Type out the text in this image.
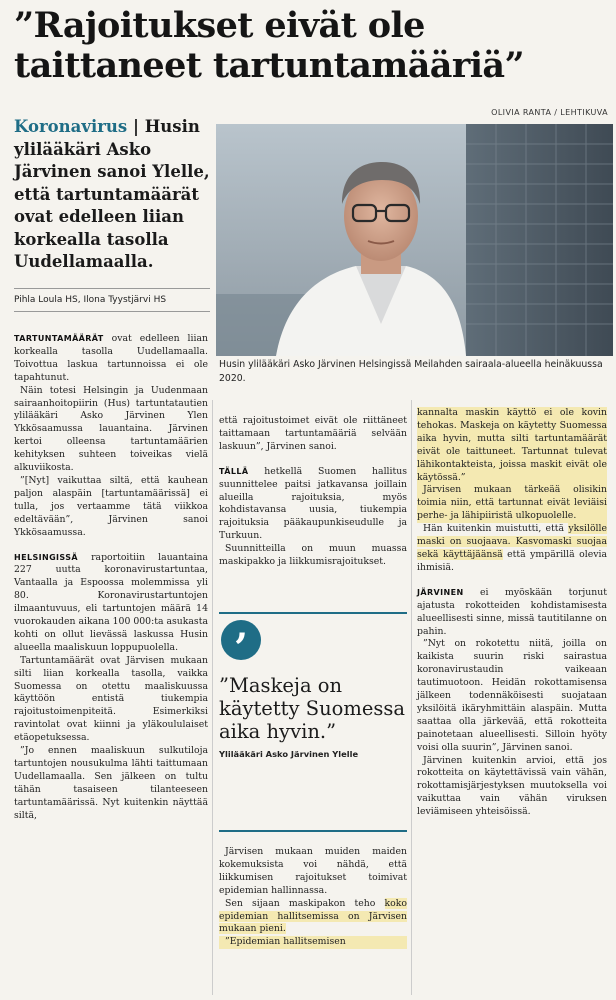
”Rajoitukset eivät ole taittaneet tartuntamääriä”
OLIVIA RANTA / LEHTIKUVA

Koronavirus | Husin ylilääkäri Asko Järvinen sanoi Ylelle, että tartuntamäärät ovat edelleen liian korkealla tasolla Uudellamaalla.

Pihla Loula HS, Ilona Tyystjärvi HS
Husin ylilääkäri Asko Järvinen Helsingissä Meilahden sairaala-alueella heinäkuussa 2020.

TARTUNTAMÄÄRÄT ovat edelleen liian korkealla tasolla Uudellamaalla. Toivottua laskua tartunnoissa ei ole tapahtunut.

Näin totesi Helsingin ja Uudenmaan sairaanhoitopiirin (Hus) tartuntatautien ylilääkäri Asko Järvinen Ylen Ykkösaamussa lauantaina. Järvinen kertoi olleensa tartuntamäärien kehityksen suhteen toiveikas vielä alkuviikosta.

”[Nyt] vaikuttaa siltä, että kauhean paljon alaspäin [tartuntamäärissä] ei tulla, jos vertaamme tätä viikkoa edeltävään”, Järvinen sanoi Ykkösaamussa.

HELSINGISSÄ raportoitiin lauantaina 227 uutta koronavirustartuntaa, Vantaalla ja Espoossa molemmissa yli 80. Koronavirustartuntojen ilmaantuvuus, eli tartuntojen määrä 14 vuorokauden aikana 100 000:ta asukasta kohti on ollut lievässä laskussa Husin alueella maaliskuun loppupuolella.

Tartuntamäärät ovat Järvisen mukaan silti liian korkealla tasolla, vaikka Suomessa on otettu maaliskuussa käyttöön entistä tiukempia rajoitustoimenpiteitä. Esimerkiksi ravintolat ovat kiinni ja yläkoululaiset etäopetuksessa.

”Jo ennen maaliskuun sulkutiloja tartuntojen nousukulma lähti taittumaan Uudellamaalla. Sen jälkeen on tultu tähän tasaiseen tilanteeseen tartuntamäärissä. Nyt kuitenkin näyttää siltä,

että rajoitustoimet eivät ole riittäneet taittamaan tartuntamääriä selvään laskuun”, Järvinen sanoi.

TÄLLÄ hetkellä Suomen hallitus suunnittelee paitsi jatkavansa joillain alueilla rajoituksia, myös kohdistavansa uusia, tiukempia rajoituksia pääkaupunkiseudulle ja Turkuun.

Suunnitteilla on muun muassa maskipakko ja liikkumisrajoitukset.

’
”Maskeja on käytetty Suomessa aika hyvin.”
Ylilääkäri Asko Järvinen Ylelle

Järvisen mukaan muiden maiden kokemuksista voi nähdä, että liikkumisen rajoitukset toimivat epidemian hallinnassa.

Sen sijaan maskipakon teho koko epidemian hallitsemissa on Järvisen mukaan pieni.

”Epidemian hallitsemisen

kannalta maskin käyttö ei ole kovin tehokas. Maskeja on käytetty Suomessa aika hyvin, mutta silti tartuntamäärät eivät ole taittuneet. Tartunnat tulevat lähikontakteista, joissa maskit eivät ole käytössä.”

Järvisen mukaan tärkeää olisikin toimia niin, että tartunnat eivät leviäisi perhe- ja lähipiiristä ulkopuolelle.

Hän kuitenkin muistutti, että yksilölle maski on suojaava. Kasvomaski suojaa sekä käyttäjäänsä että ympärillä olevia ihmisiä.

JÄRVINEN ei myöskään torjunut ajatusta rokotteiden kohdistamisesta alueellisesti sinne, missä tautitilanne on pahin.

”Nyt on rokotettu niitä, joilla on kaikista suurin riski sairastua koronavirustaudin vaikeaan tautimuotoon. Heidän rokottamisensa jälkeen todennäköisesti suojataan yksilöitä ikäryhmittäin alaspäin. Mutta saattaa olla järkevää, että rokotteita painotetaan alueellisesti. Silloin hyöty voisi olla suurin”, Järvinen sanoi.

Järvinen kuitenkin arvioi, että jos rokotteita on käytettävissä vain vähän, rokottamisjärjestyksen muutoksella voi vaikuttaa vain vähän viruksen leviämiseen yhteisöissä.
